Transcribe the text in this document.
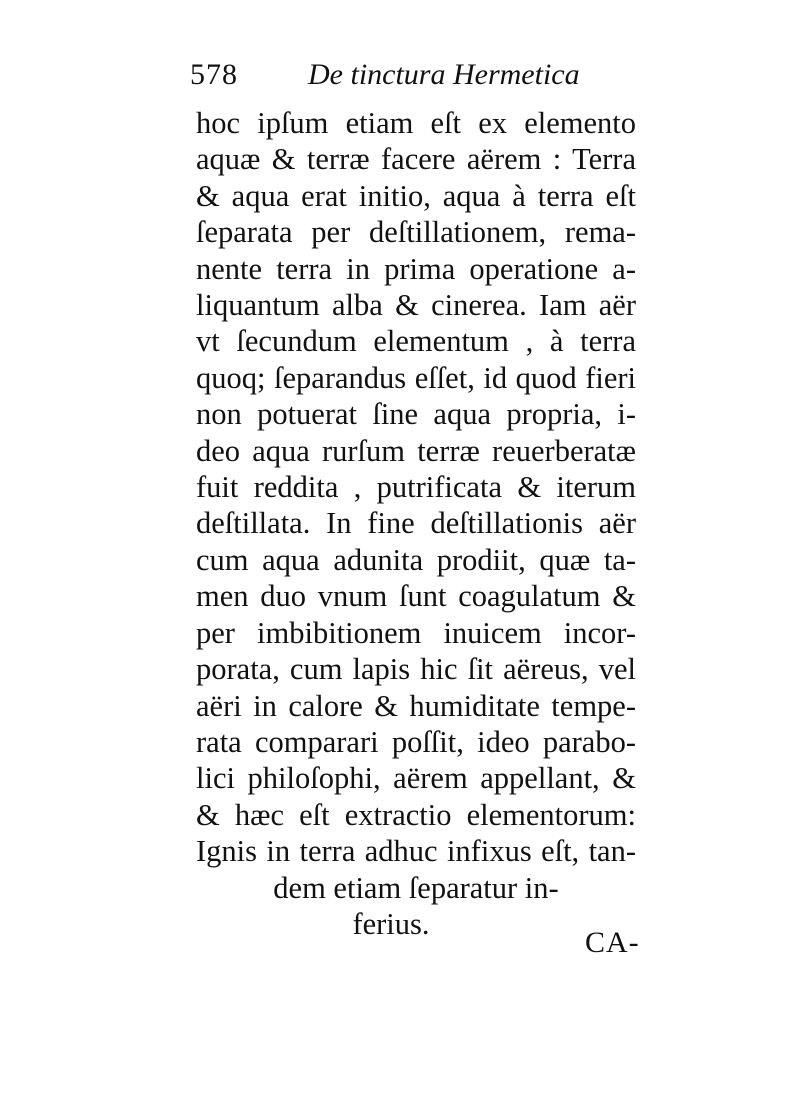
578 De tinctura Hermetica
hoc ipſum etiam eſt ex elemento
aquæ & terræ facere aërem : Terra
& aqua erat initio, aqua à terra eſt
ſeparata per deſtillationem, rema-
nente terra in prima operatione a-
liquantum alba & cinerea. Iam aër
vt ſecundum elementum , à terra
quoq; ſeparandus eſſet, id quod fieri
non potuerat ſine aqua propria, i-
deo aqua rurſum terræ reuerberatæ
fuit reddita , putrificata & iterum
deſtillata. In fine deſtillationis aër
cum aqua adunita prodiit, quæ ta-
men duo vnum ſunt coagulatum &
per imbibitionem inuicem incor-
porata, cum lapis hic ſit aëreus, vel
aëri in calore & humiditate tempe-
rata comparari poſſit, ideo parabo-
lici philoſophi, aërem appellant, &
& hæc eſt extractio elementorum:
Ignis in terra adhuc infixus eſt, tan-
dem etiam ſeparatur in-
ferius.
CA-
